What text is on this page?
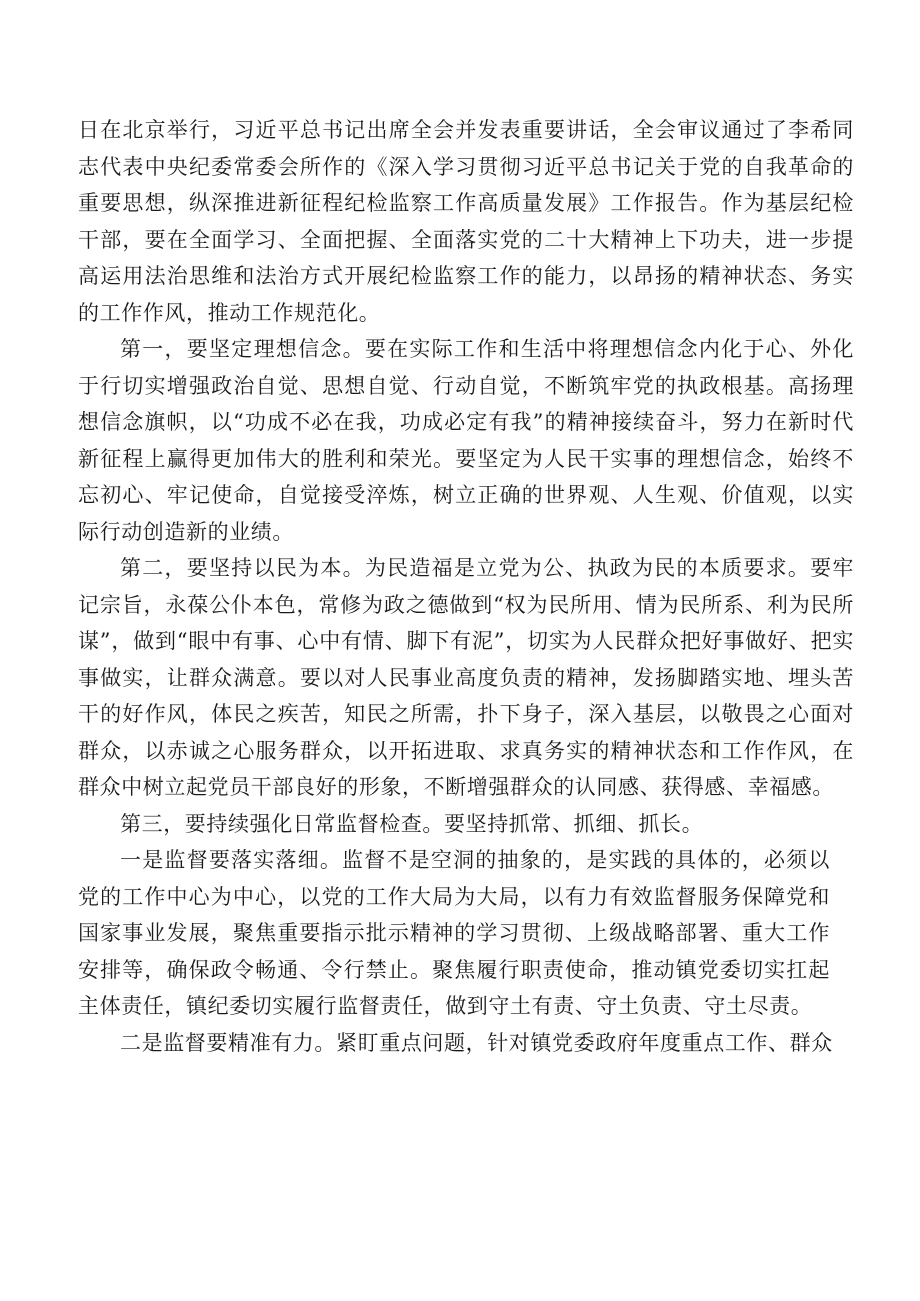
日在北京举行，习近平总书记出席全会并发表重要讲话，全会审议通过了李希同志代表中央纪委常委会所作的《深入学习贯彻习近平总书记关于党的自我革命的重要思想，纵深推进新征程纪检监察工作高质量发展》工作报告。作为基层纪检干部，要在全面学习、全面把握、全面落实党的二十大精神上下功夫，进一步提高运用法治思维和法治方式开展纪检监察工作的能力，以昂扬的精神状态、务实的工作作风，推动工作规范化。

第一，要坚定理想信念。要在实际工作和生活中将理想信念内化于心、外化于行切实增强政治自觉、思想自觉、行动自觉，不断筑牢党的执政根基。高扬理想信念旗帜，以“功成不必在我，功成必定有我”的精神接续奋斗，努力在新时代新征程上赢得更加伟大的胜利和荣光。要坚定为人民干实事的理想信念，始终不忘初心、牢记使命，自觉接受淬炼，树立正确的世界观、人生观、价值观，以实际行动创造新的业绩。

第二，要坚持以民为本。为民造福是立党为公、执政为民的本质要求。要牢记宗旨，永葆公仆本色，常修为政之德做到“权为民所用、情为民所系、利为民所谋”，做到“眼中有事、心中有情、脚下有泥”，切实为人民群众把好事做好、把实事做实，让群众满意。要以对人民事业高度负责的精神，发扬脚踏实地、埋头苦干的好作风，体民之疾苦，知民之所需，扑下身子，深入基层，以敬畏之心面对群众，以赤诚之心服务群众，以开拓进取、求真务实的精神状态和工作作风，在群众中树立起党员干部良好的形象，不断增强群众的认同感、获得感、幸福感。

第三，要持续强化日常监督检查。要坚持抓常、抓细、抓长。

一是监督要落实落细。监督不是空洞的抽象的，是实践的具体的，必须以党的工作中心为中心，以党的工作大局为大局，以有力有效监督服务保障党和国家事业发展，聚焦重要指示批示精神的学习贯彻、上级战略部署、重大工作安排等，确保政令畅通、令行禁止。聚焦履行职责使命，推动镇党委切实扛起主体责任，镇纪委切实履行监督责任，做到守土有责、守土负责、守土尽责。

二是监督要精准有力。紧盯重点问题，针对镇党委政府年度重点工作、群众
